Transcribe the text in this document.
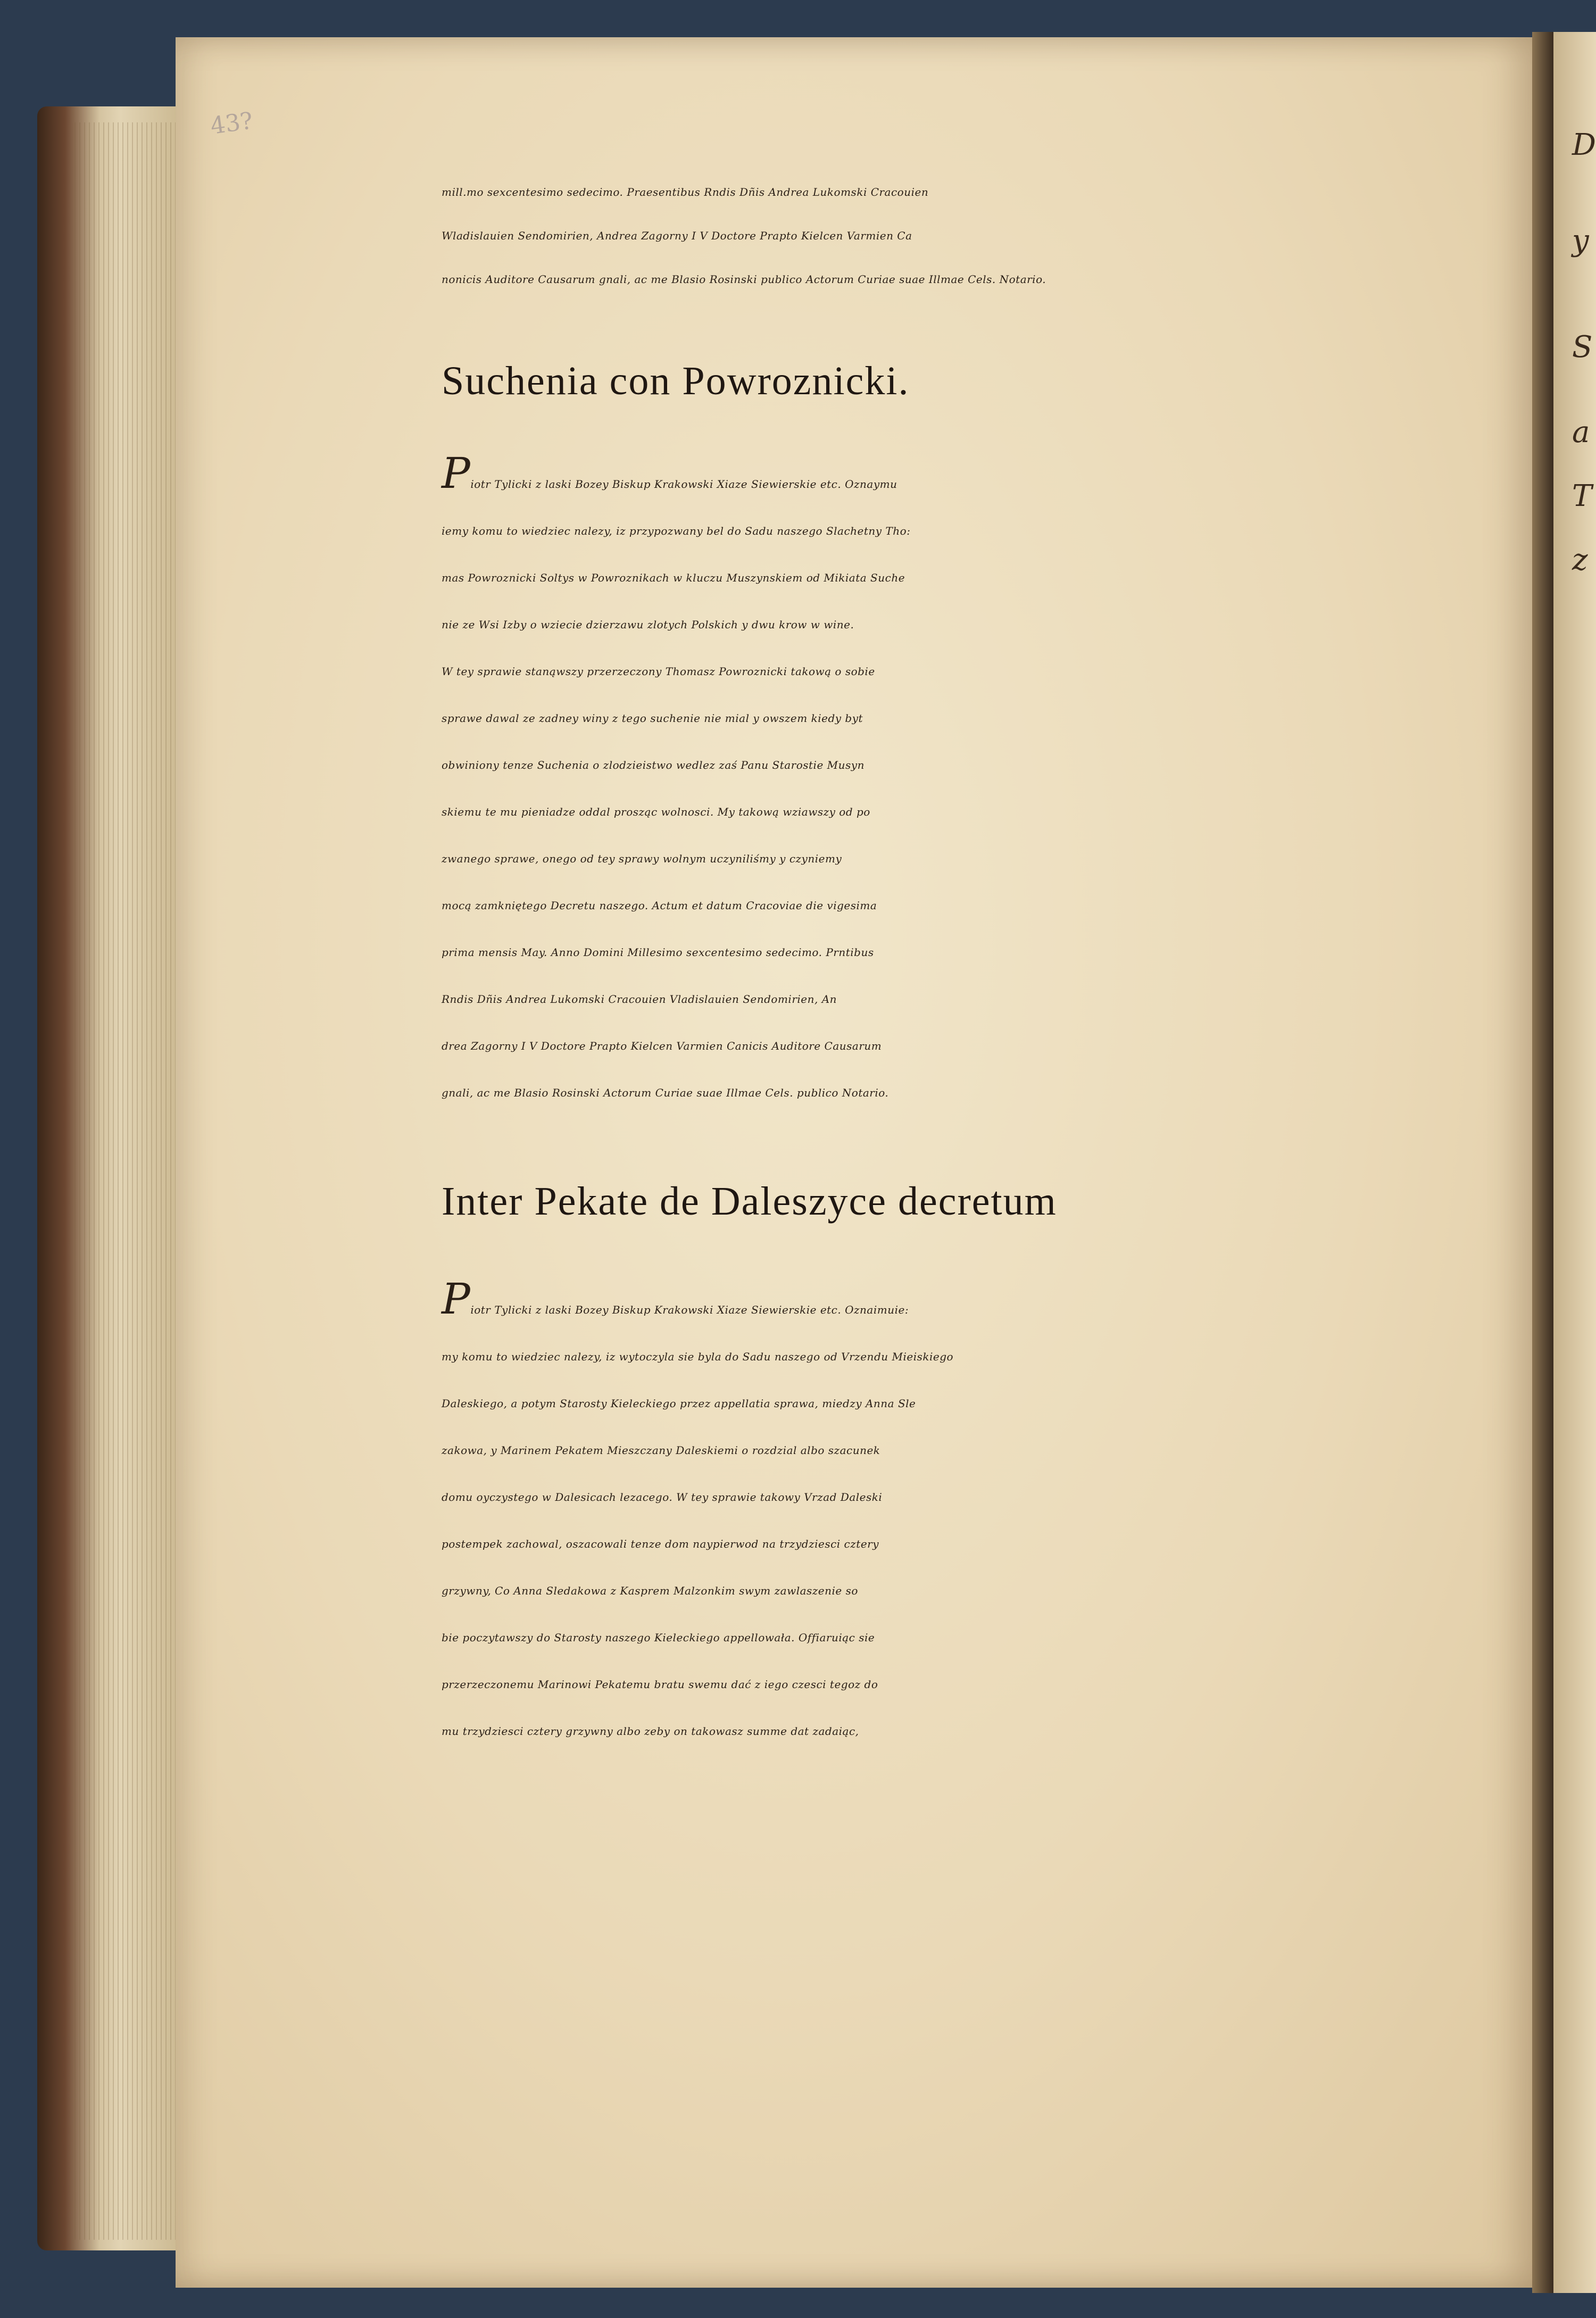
D
y
S
a
T
z
43?
mill.mo sexcentesimo sedecimo. Praesentibus Rndis Dñis Andrea Lukomski Cracouien
Wladislauien Sendomirien, Andrea Zagorny I V Doctore Prapto Kielcen Varmien Ca
nonicis Auditore Causarum gnali, ac me Blasio Rosinski publico Actorum Curiae suae Illmae Cels. Notario.
Suchenia con Powroznicki.
Piotr Tylicki z laski Bozey Biskup Krakowski Xiaze Siewierskie etc. Oznaymu
iemy komu to wiedziec nalezy, iz przypozwany bel do Sadu naszego Slachetny Tho:
mas Powroznicki Soltys w Powroznikach w kluczu Muszynskiem od Mikiata Suche
nie ze Wsi Izby o wziecie dzierzawu zlotych Polskich y dwu krow w wine.
W tey sprawie stanąwszy przerzeczony Thomasz Powroznicki takową o sobie
sprawe dawal ze zadney winy z tego suchenie nie mial y owszem kiedy byt
obwiniony tenze Suchenia o zlodzieistwo wedlez zaś Panu Starostie Musyn
skiemu te mu pieniadze oddal prosząc wolnosci. My takową wziawszy od po
zwanego sprawe, onego od tey sprawy wolnym uczyniliśmy y czyniemy
mocą zamkniętego Decretu naszego. Actum et datum Cracoviae die vigesima
prima mensis May. Anno Domini Millesimo sexcentesimo sedecimo. Prntibus
Rndis Dñis Andrea Lukomski Cracouien Vladislauien Sendomirien, An
drea Zagorny I V Doctore Prapto Kielcen Varmien Canicis Auditore Causarum
gnali, ac me Blasio Rosinski Actorum Curiae suae Illmae Cels. publico Notario.
Inter Pekate de Daleszyce decretum
Piotr Tylicki z laski Bozey Biskup Krakowski Xiaze Siewierskie etc. Oznaimuie:
my komu to wiedziec nalezy, iz wytoczyla sie byla do Sadu naszego od Vrzendu Mieiskiego
Daleskiego, a potym Starosty Kieleckiego przez appellatia sprawa, miedzy Anna Sle
zakowa, y Marinem Pekatem Mieszczany Daleskiemi o rozdzial albo szacunek
domu oyczystego w Dalesicach lezacego. W tey sprawie takowy Vrzad Daleski
postempek zachowal, oszacowali tenze dom naypierwod na trzydziesci cztery
grzywny, Co Anna Sledakowa z Kasprem Malzonkim swym zawlaszenie so
bie poczytawszy do Starosty naszego Kieleckiego appellowała. Offiaruiąc sie
przerzeczonemu Marinowi Pekatemu bratu swemu dać z iego czesci tegoz do
mu trzydziesci cztery grzywny albo zeby on takowasz summe dat zadaiąc,
